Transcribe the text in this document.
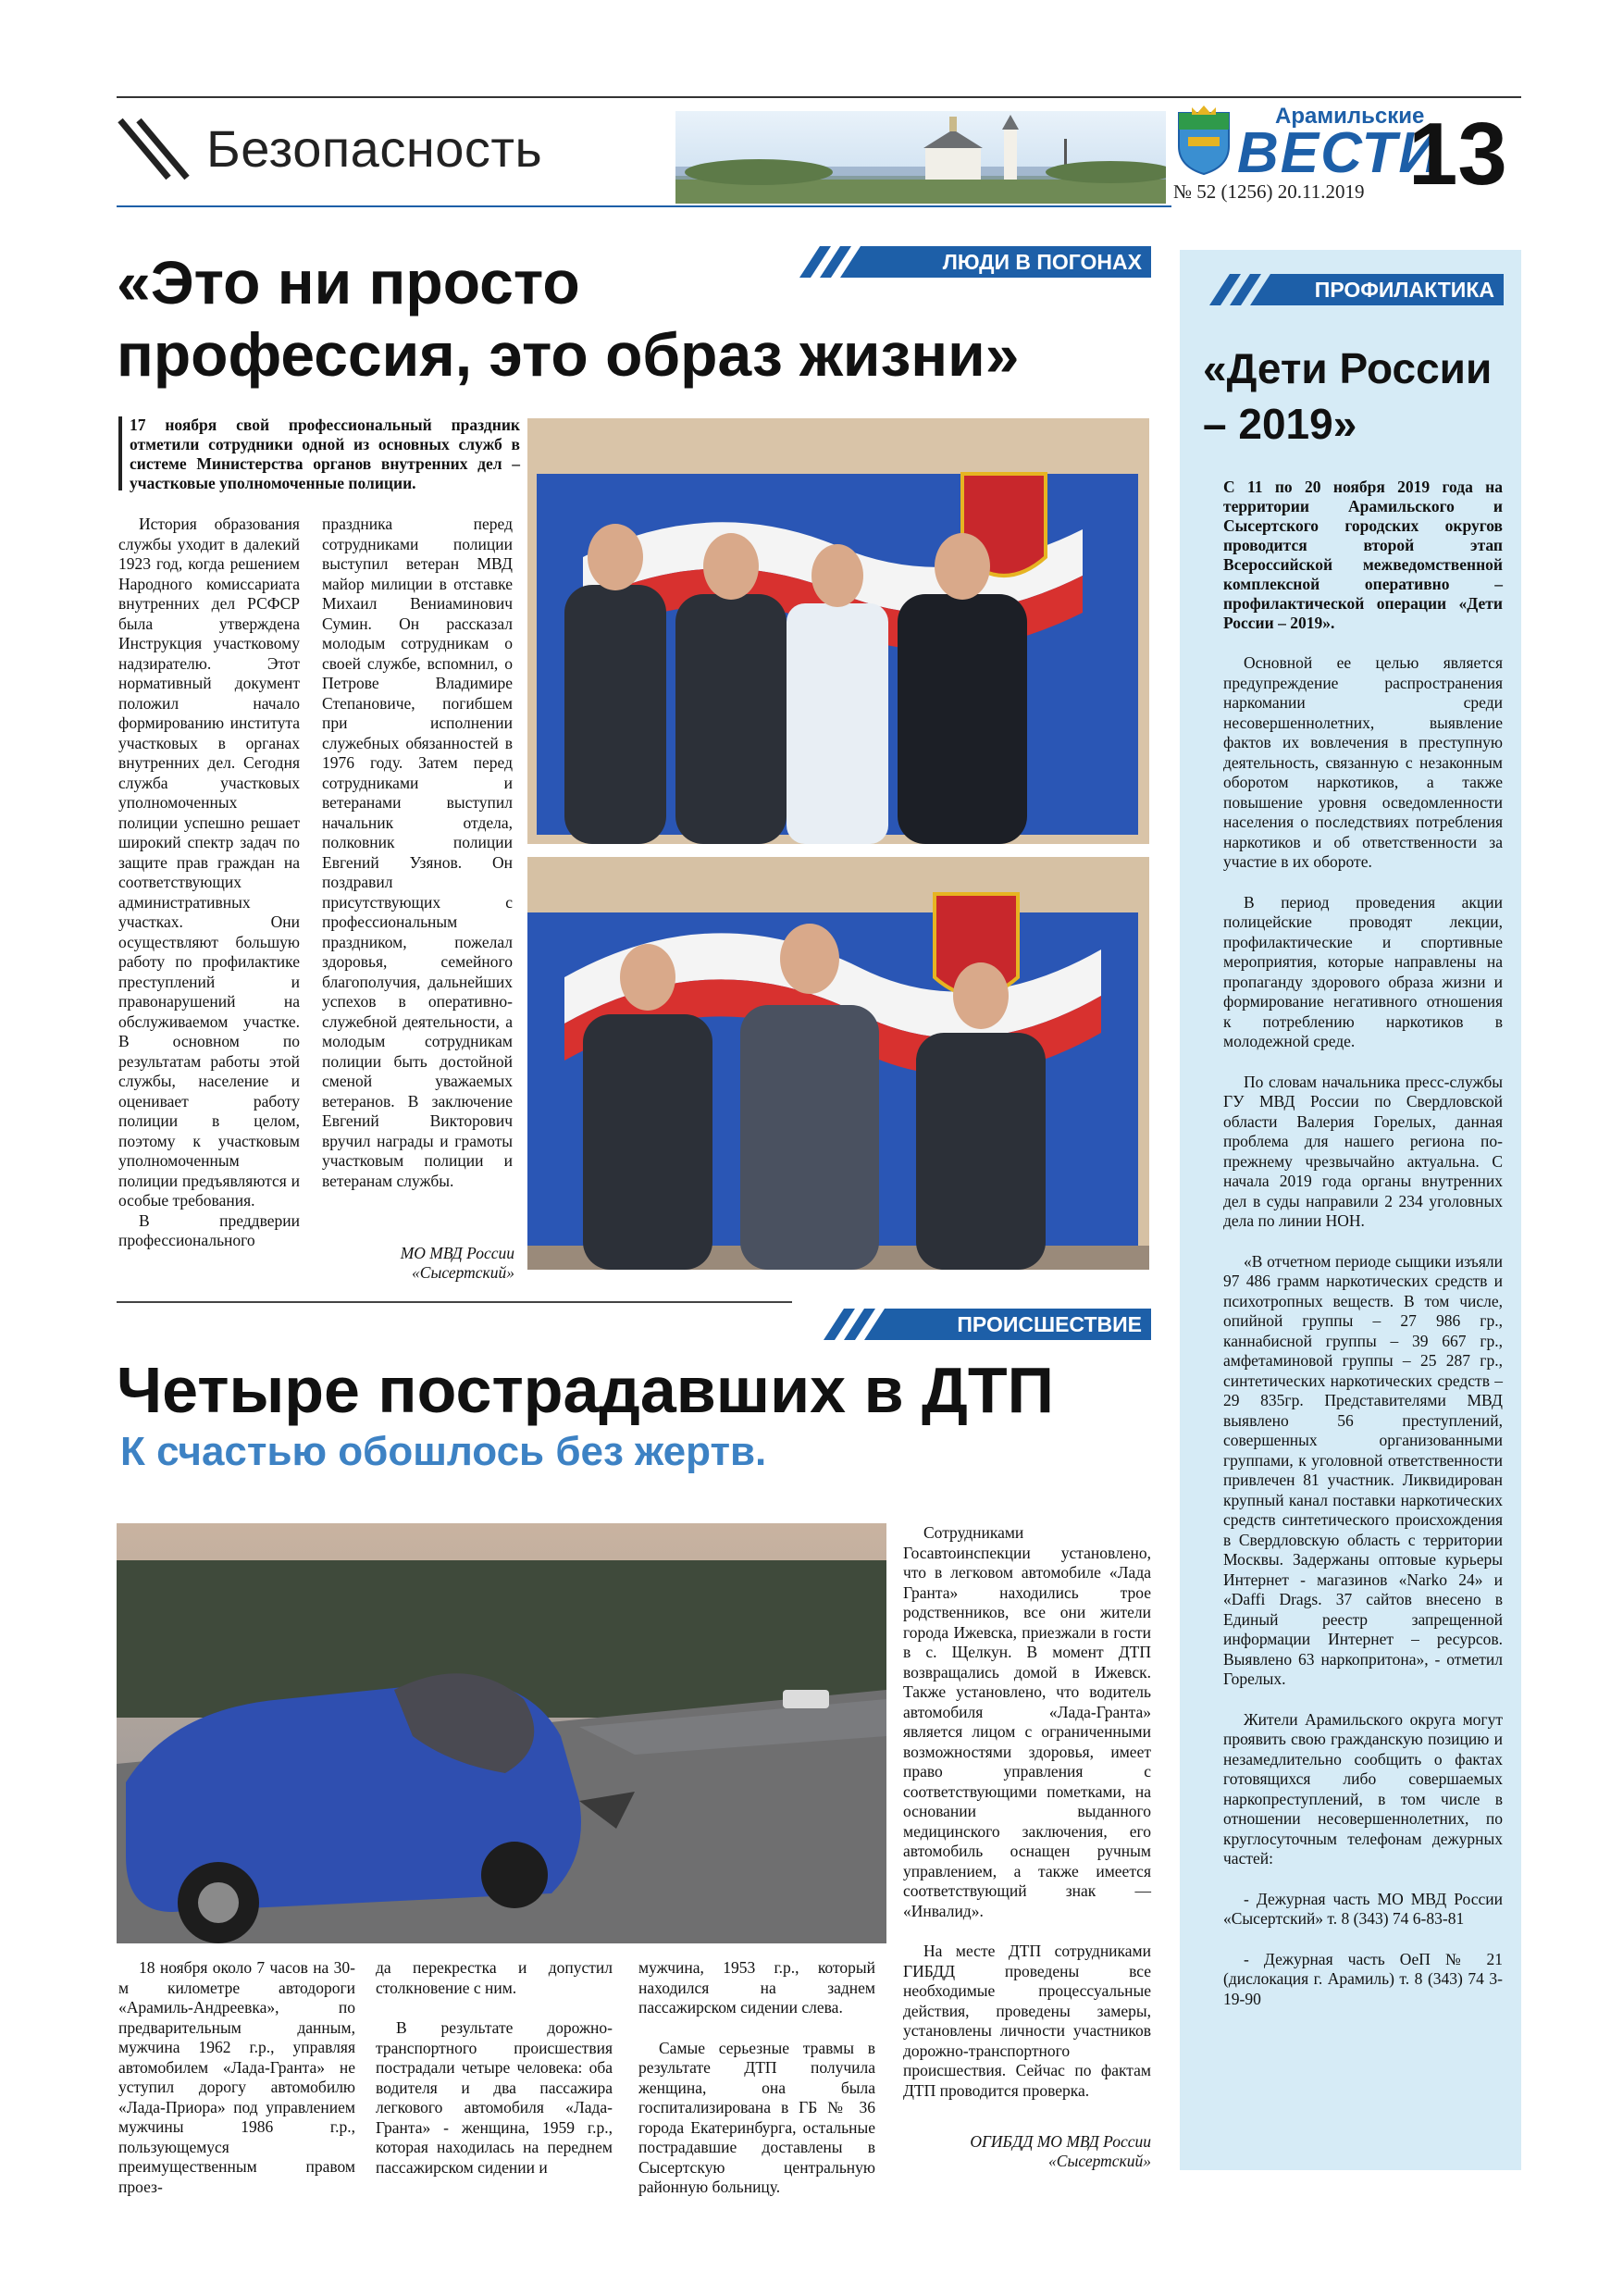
Безопасность
Арамильские
ВЕСТИ
№ 52 (1256) 20.11.2019 13
ПРОФИЛАКТИКА
«Дети России
– 2019»

С 11 по 20 ноября 2019 года на территории Арамильского и Сысертского городских округов проводится второй этап Всероссийской межведомственной комплексной оперативно – профилактической операции «Дети России – 2019».

Основной ее целью является предупреждение распространения наркомании среди несовершеннолетних, выявление фактов их вовлечения в преступную деятельность, связанную с незаконным оборотом наркотиков, а также повышение уровня осведомленности населения о последствиях потребления наркотиков и об ответственности за участие в их обороте.

В период проведения акции полицейские проводят лекции, профилактические и спортивные мероприятия, которые направлены на пропаганду здорового образа жизни и формирование негативного отношения к потреблению наркотиков в молодежной среде.

По словам начальника пресс-службы ГУ МВД России по Свердловской области Валерия Горелых, данная проблема для нашего региона по-прежнему чрезвычайно актуальна. С начала 2019 года органы внутренних дел в суды направили 2 234 уголовных дела по линии НОН.

«В отчетном периоде сыщики изъяли 97 486 грамм наркотических средств и психотропных веществ. В том числе, опийной группы – 27 986 гр., каннабисной группы – 39 667 гр., амфетаминовой группы – 25 287 гр., синтетических наркотических средств – 29 835гр. Представителями МВД выявлено 56 преступлений, совершенных организованными группами, к уголовной ответственности привлечен 81 участник. Ликвидирован крупный канал поставки наркотических средств синтетического происхождения в Свердловскую область с территории Москвы. Задержаны оптовые курьеры Интернет - магазинов «Narko 24» и «Daffi Drags. 37 сайтов внесено в Единый реестр запрещенной информации Интернет – ресурсов. Выявлено 63 наркопритона», - отметил Горелых.

Жители Арамильского округа могут проявить свою гражданскую позицию и незамедлительно сообщить о фактах готовящихся либо совершаемых наркопреступлений, в том числе в отношении несовершеннолетних, по круглосуточным телефонам дежурных частей:

- Дежурная часть МО МВД России «Сысертский» т. 8 (343) 74 6-83-81

- Дежурная часть ОеП № 21 (дислокация г. Арамиль) т. 8 (343) 74 3-19-90

ЛЮДИ В ПОГОНАХ
«Это ни просто
профессия, это образ жизни»
17 ноября свой профессиональный праздник отметили сотрудники одной из основных служб в системе Министерства органов внутренних дел – участковые уполномоченные полиции.

История образования службы уходит в далекий 1923 год, когда решением Народного комиссариата внутренних дел РСФСР была утверждена Инструкция участковому надзирателю. Этот нормативный документ положил начало формированию института участковых в органах внутренних дел. Сегодня служба участковых уполномоченных полиции успешно решает широкий спектр задач по защите прав граждан на соответствующих административных участках. Они осуществляют большую работу по профилактике преступлений и правонарушений на обслуживаемом участке. В основном по результатам работы этой службы, население и оценивает работу полиции в целом, поэтому к участковым уполномоченным полиции предъявляются и особые требования.

В преддверии профессионального

праздника перед сотрудниками полиции выступил ветеран МВД майор милиции в отставке Михаил Вениаминович Сумин. Он рассказал молодым сотрудникам о своей службе, вспомнил, о Петрове Владимире Степановиче, погибшем при исполнении служебных обязанностей в 1976 году. Затем перед сотрудниками и ветеранами выступил начальник отдела, полковник полиции Евгений Узянов. Он поздравил присутствующих с профессиональным праздником, пожелал здоровья, семейного благополучия, дальнейших успехов в оперативно-служебной деятельности, а молодым сотрудникам полиции быть достойной сменой уважаемых ветеранов. В заключение Евгений Викторович вручил награды и грамоты участковым полиции и ветеранам службы.

МО МВД России
«Сысертский»
ПРОИСШЕСТВИЕ
Четыре пострадавших в ДТП
К счастью обошлось без жертв.

18 ноября около 7 часов на 30-м километре автодороги «Арамиль-Андреевка», по предварительным данным, мужчина 1962 г.р., управляя автомобилем «Лада-Гранта» не уступил дорогу автомобилю «Лада-Приора» под управлением мужчины 1986 г.р., пользующемуся преимущественным правом проез-

да перекрестка и допустил столкновение с ним.

В результате дорожно-транспортного происшествия пострадали четыре человека: оба водителя и два пассажира легкового автомобиля «Лада-Гранта» - женщина, 1959 г.р., которая находилась на переднем пассажирском сидении и

мужчина, 1953 г.р., который находился на заднем пассажирском сидении слева.

Самые серьезные травмы в результате ДТП получила женщина, она была госпитализирована в ГБ № 36 города Екатеринбурга, остальные пострадавшие доставлены в Сысертскую центральную районную больницу.

Сотрудниками Госавтоинспекции установлено, что в легковом автомобиле «Лада Гранта» находились трое родственников, все они жители города Ижевска, приезжали в гости в с. Щелкун. В момент ДТП возвращались домой в Ижевск. Также установлено, что водитель автомобиля «Лада-Гранта» является лицом с ограниченными возможностями здоровья, имеет право управления с соответствующими пометками, на основании выданного медицинского заключения, его автомобиль оснащен ручным управлением, а также имеется соответствующий знак — «Инвалид».

На месте ДТП сотрудниками ГИБДД проведены все необходимые процессуальные действия, проведены замеры, установлены личности участников дорожно-транспортного происшествия. Сейчас по фактам ДТП проводится проверка.

ОГИБДД МО МВД России
«Сысертский»
